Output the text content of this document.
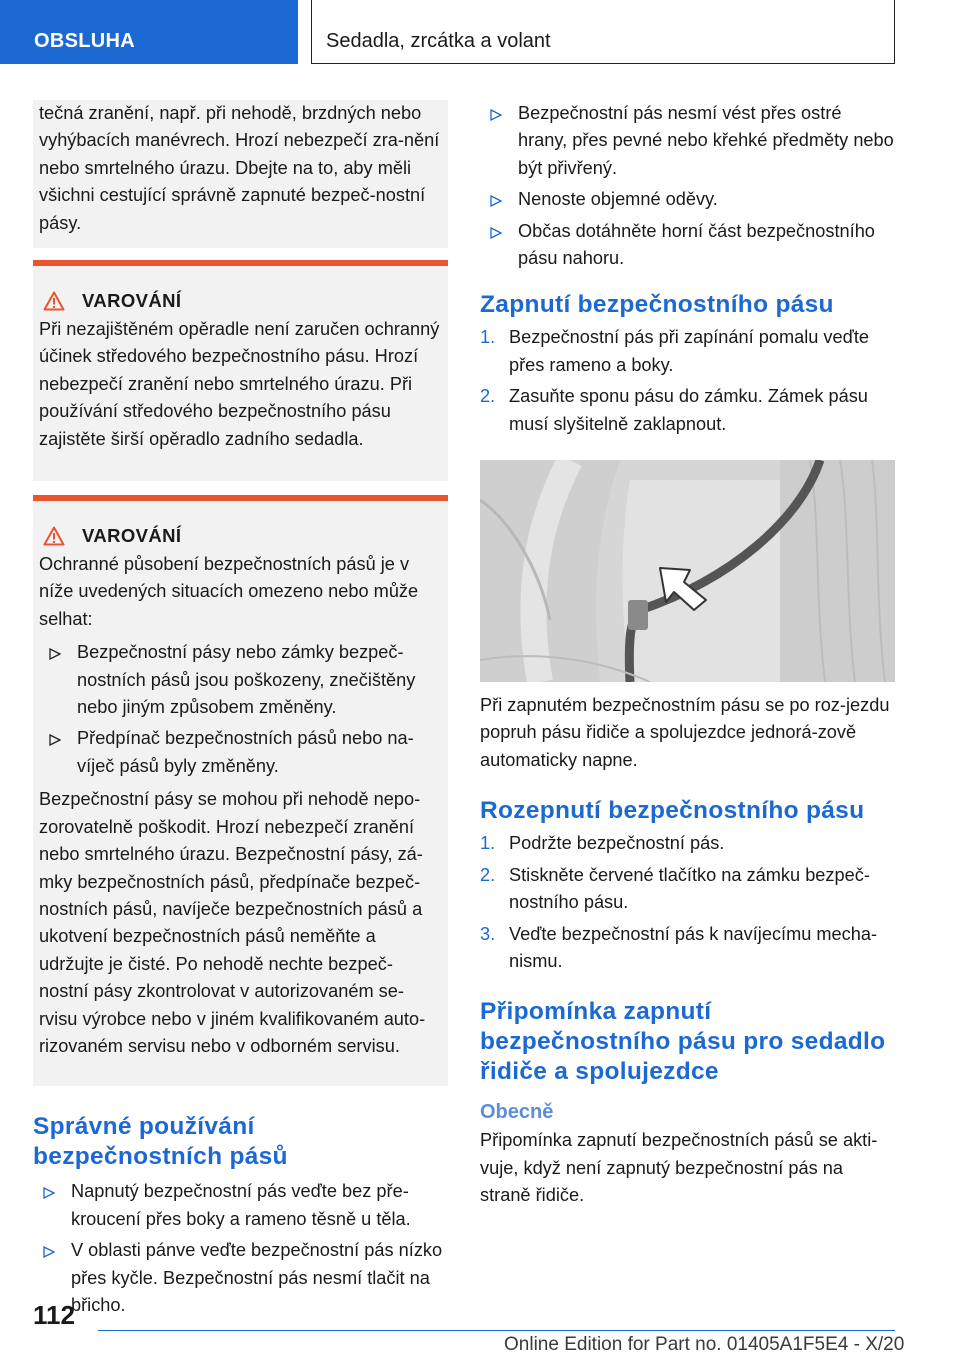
OBSLUHA	Sedadla, zrcátka a volant

tečná zranění, např. při nehodě, brzdných nebo vyhýbacích manévrech. Hrozí nebezpečí zra-nění nebo smrtelného úrazu. Dbejte na to, aby měli všichni cestující správně zapnuté bezpeč-nostní pásy.

VAROVÁNÍ

Při nezajištěném opěradle není zaručen ochranný účinek středového bezpečnostního pásu. Hrozí nebezpečí zranění nebo smrtelného úrazu. Při používání středového bezpečnostního pásu zajistěte širší opěradlo zadního sedadla.

VAROVÁNÍ

Ochranné působení bezpečnostních pásů je v níže uvedených situacích omezeno nebo může selhat:

Bezpečnostní pásy nebo zámky bezpeč-nostních pásů jsou poškozeny, znečištěny nebo jiným způsobem změněny.
Předpínač bezpečnostních pásů nebo na-víječ pásů byly změněny.

Bezpečnostní pásy se mohou při nehodě nepo-zorovatelně poškodit. Hrozí nebezpečí zranění nebo smrtelného úrazu. Bezpečnostní pásy, zá-mky bezpečnostních pásů, předpínače bezpeč-nostních pásů, navíječe bezpečnostních pásů a ukotvení bezpečnostních pásů neměňte a udržujte je čisté. Po nehodě nechte bezpeč-nostní pásy zkontrolovat v autorizovaném se-rvisu výrobce nebo v jiném kvalifikovaném auto-rizovaném servisu nebo v odborném servisu.

Správné používání bezpečnostních pásů
Napnutý bezpečnostní pás veďte bez pře-kroucení přes boky a rameno těsně u těla.
V oblasti pánve veďte bezpečnostní pás nízko přes kyčle. Bezpečnostní pás nesmí tlačit na břicho.
Bezpečnostní pás nesmí vést přes ostré hrany, přes pevné nebo křehké předměty nebo být přivřený.
Nenoste objemné oděvy.
Občas dotáhněte horní část bezpečnostního pásu nahoru.
Zapnutí bezpečnostního pásu
1. Bezpečnostní pás při zapínání pomalu veďte přes rameno a boky.
2. Zasuňte sponu pásu do zámku. Zámek pásu musí slyšitelně zaklapnout.

Při zapnutém bezpečnostním pásu se po roz-jezdu popruh pásu řidiče a spolujezdce jednorá-zově automaticky napne.

Rozepnutí bezpečnostního pásu
1. Podržte bezpečnostní pás.
2. Stiskněte červené tlačítko na zámku bezpeč-nostního pásu.
3. Veďte bezpečnostní pás k navíjecímu mecha-nismu.
Připomínka zapnutí bezpečnostního pásu pro sedadlo řidiče a spolujezdce
Obecně

Připomínka zapnutí bezpečnostních pásů se akti-vuje, když není zapnutý bezpečnostní pás na straně řidiče.

112
Online Edition for Part no. 01405A1F5E4 - X/20
